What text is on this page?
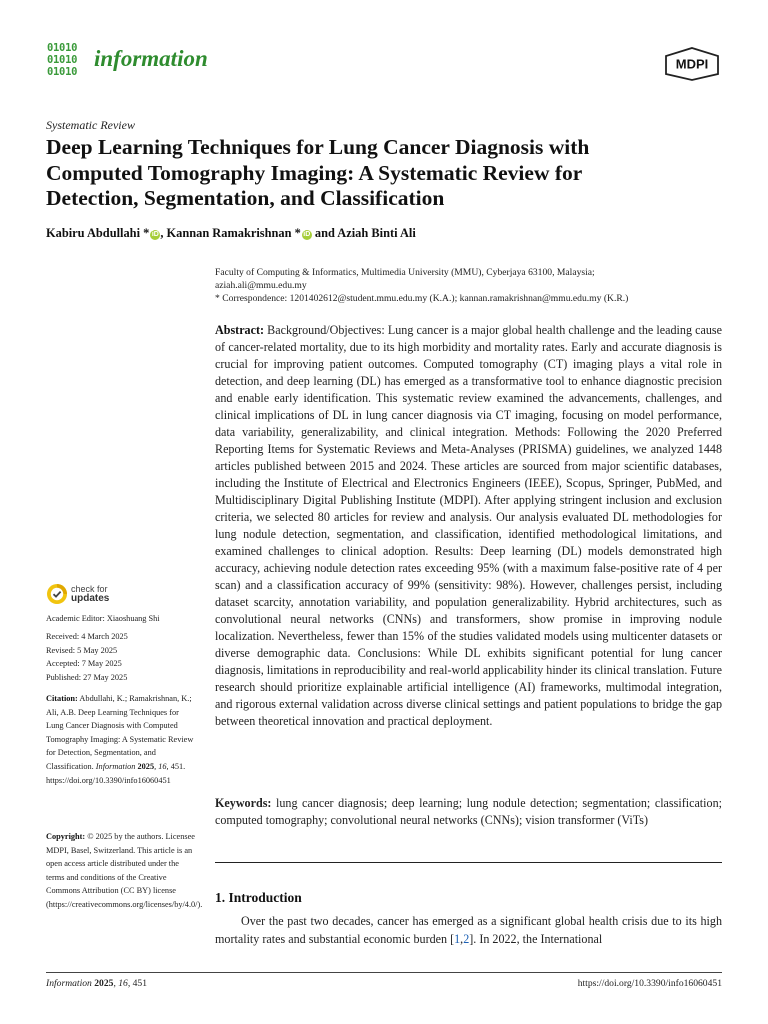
01010
01010
01010
information	MDPI
Systematic Review
Deep Learning Techniques for Lung Cancer Diagnosis with
Computed Tomography Imaging: A Systematic Review for
Detection, Segmentation, and Classification
Kabiru Abdullahi * iD , Kannan Ramakrishnan * iD and Aziah Binti Ali
Faculty of Computing & Informatics, Multimedia University (MMU), Cyberjaya 63100, Malaysia;
aziah.ali@mmu.edu.my
* Correspondence: 1201402612@student.mmu.edu.my (K.A.); kannan.ramakrishnan@mmu.edu.my (K.R.)
Abstract: Background/Objectives: Lung cancer is a major global health challenge and the leading cause of cancer-related mortality, due to its high morbidity and mortality rates. Early and accurate diagnosis is crucial for improving patient outcomes. Computed tomography (CT) imaging plays a vital role in detection, and deep learning (DL) has emerged as a transformative tool to enhance diagnostic precision and enable early identification. This systematic review examined the advancements, challenges, and clinical implications of DL in lung cancer diagnosis via CT imaging, focusing on model performance, data variability, generalizability, and clinical integration. Methods: Following the 2020 Preferred Reporting Items for Systematic Reviews and Meta-Analyses (PRISMA) guidelines, we analyzed 1448 articles published between 2015 and 2024. These articles are sourced from major scientific databases, including the Institute of Electrical and Electronics Engineers (IEEE), Scopus, Springer, PubMed, and Multidisciplinary Digital Publishing Institute (MDPI). After applying stringent inclusion and exclusion criteria, we selected 80 articles for review and analysis. Our analysis evaluated DL methodologies for lung nodule detection, segmentation, and classification, identified methodological limitations, and examined challenges to clinical adoption. Results: Deep learning (DL) models demonstrated high accuracy, achieving nodule detection rates exceeding 95% (with a maximum false-positive rate of 4 per scan) and a classification accuracy of 99% (sensitivity: 98%). However, challenges persist, including dataset scarcity, annotation variability, and population generalizability. Hybrid architectures, such as convolutional neural networks (CNNs) and transformers, show promise in improving nodule localization. Nevertheless, fewer than 15% of the studies validated models using multicenter datasets or diverse demographic data. Conclusions: While DL exhibits significant potential for lung cancer diagnosis, limitations in reproducibility and real-world applicability hinder its clinical translation. Future research should prioritize explainable artificial intelligence (AI) frameworks, multimodal integration, and rigorous external validation across diverse clinical settings and patient populations to bridge the gap between theoretical innovation and practical deployment.
Keywords: lung cancer diagnosis; deep learning; lung nodule detection; segmentation; classification; computed tomography; convolutional neural networks (CNNs); vision transformer (ViTs)
1. Introduction
Over the past two decades, cancer has emerged as a significant global health crisis due to its high mortality rates and substantial economic burden [1,2]. In 2022, the International
check for
updates
Academic Editor: Xiaoshuang Shi
Received: 4 March 2025
Revised: 5 May 2025
Accepted: 7 May 2025
Published: 27 May 2025
Citation: Abdullahi, K.; Ramakrishnan, K.; Ali, A.B. Deep Learning Techniques for Lung Cancer Diagnosis with Computed Tomography Imaging: A Systematic Review for Detection, Segmentation, and Classification. Information 2025, 16, 451. https://doi.org/10.3390/info16060451
Copyright: © 2025 by the authors. Licensee MDPI, Basel, Switzerland. This article is an open access article distributed under the terms and conditions of the Creative Commons Attribution (CC BY) license (https://creativecommons.org/licenses/by/4.0/).
Information 2025, 16, 451	https://doi.org/10.3390/info16060451
